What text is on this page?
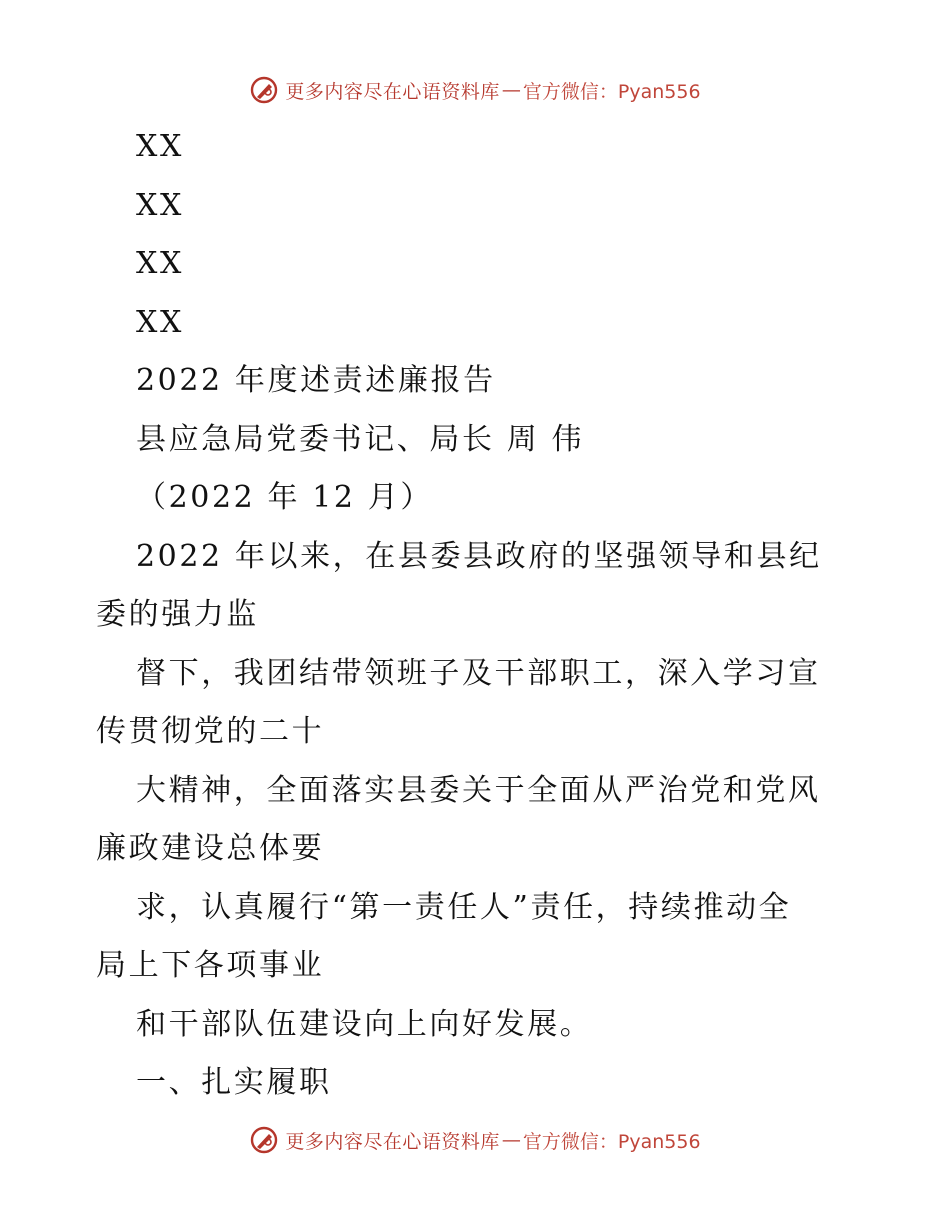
更多内容尽在心语资料库 — 官方微信：Pyan556
XX
XX
XX
XX
2022 年度述责述廉报告
县应急局党委书记、局长 周 伟
（2022 年 12 月）
2022 年以来，在县委县政府的坚强领导和县纪
委的强力监
督下，我团结带领班子及干部职工，深入学习宣
传贯彻党的二十
大精神，全面落实县委关于全面从严治党和党风
廉政建设总体要
求，认真履行“第一责任人”责任，持续推动全
局上下各项事业
和干部队伍建设向上向好发展。
一、扎实履职
更多内容尽在心语资料库 — 官方微信：Pyan556
